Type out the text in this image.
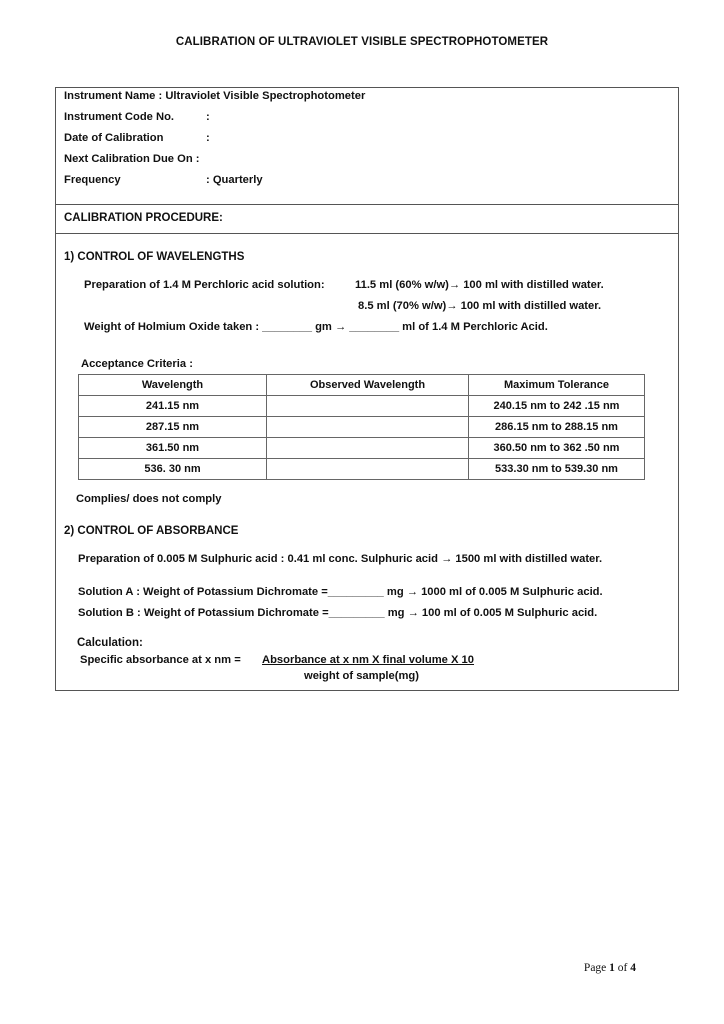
CALIBRATION OF ULTRAVIOLET VISIBLE SPECTROPHOTOMETER
Instrument Name : Ultraviolet Visible Spectrophotometer
Instrument Code No.	:
Date of Calibration	:
Next Calibration Due On :
Frequency	: Quarterly
CALIBRATION PROCEDURE:
1) CONTROL OF WAVELENGTHS
Preparation of 1.4 M Perchloric acid solution:	11.5 ml (60% w/w)→ 100 ml with distilled water.
8.5 ml (70% w/w)→ 100 ml with distilled water.
Weight of Holmium Oxide taken : ________ gm → ________ ml of 1.4 M Perchloric Acid.
Acceptance Criteria :
Wavelength	Observed Wavelength	Maximum Tolerance
241.15 nm		240.15 nm to 242 .15 nm
287.15 nm		286.15 nm to 288.15 nm
361.50 nm		360.50 nm to 362 .50 nm
536. 30 nm		533.30 nm to 539.30 nm
Complies/ does not comply
2) CONTROL OF ABSORBANCE
Preparation of 0.005 M Sulphuric acid : 0.41 ml conc. Sulphuric acid → 1500 ml with distilled water.
Solution A : Weight of Potassium Dichromate =_________ mg → 1000 ml of 0.005 M Sulphuric acid.
Solution B : Weight of Potassium Dichromate =_________ mg → 100 ml of 0.005 M Sulphuric acid.
Calculation:
Specific absorbance at x nm = Absorbance at x nm X final volume X 10
weight of sample(mg)
Page 1 of 4
